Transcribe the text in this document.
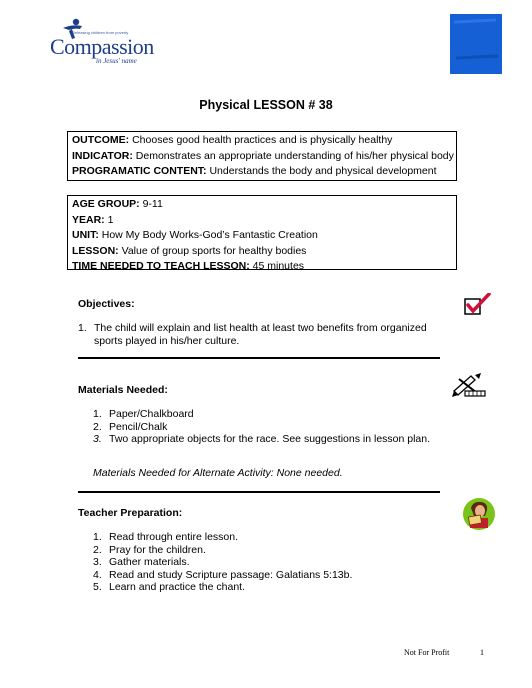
Releasing children from poverty
Compassion
in Jesus' name
Physical LESSON # 38
OUTCOME: Chooses good health practices and is physically healthy
INDICATOR: Demonstrates an appropriate understanding of his/her physical body
PROGRAMATIC CONTENT: Understands the body and physical development
AGE GROUP: 9-11
YEAR: 1
UNIT: How My Body Works-God’s Fantastic Creation
LESSON: Value of group sports for healthy bodies
TIME NEEDED TO TEACH LESSON: 45 minutes
Objectives:
1. The child will explain and list health at least two benefits from organized sports played in his/her culture.
Materials Needed:
1. Paper/Chalkboard
2. Pencil/Chalk
3. Two appropriate objects for the race. See suggestions in lesson plan.
Materials Needed for Alternate Activity: None needed.
Teacher Preparation:
1. Read through entire lesson.
2. Pray for the children.
3. Gather materials.
4. Read and study Scripture passage: Galatians 5:13b.
5. Learn and practice the chant.
Not For Profit	1
